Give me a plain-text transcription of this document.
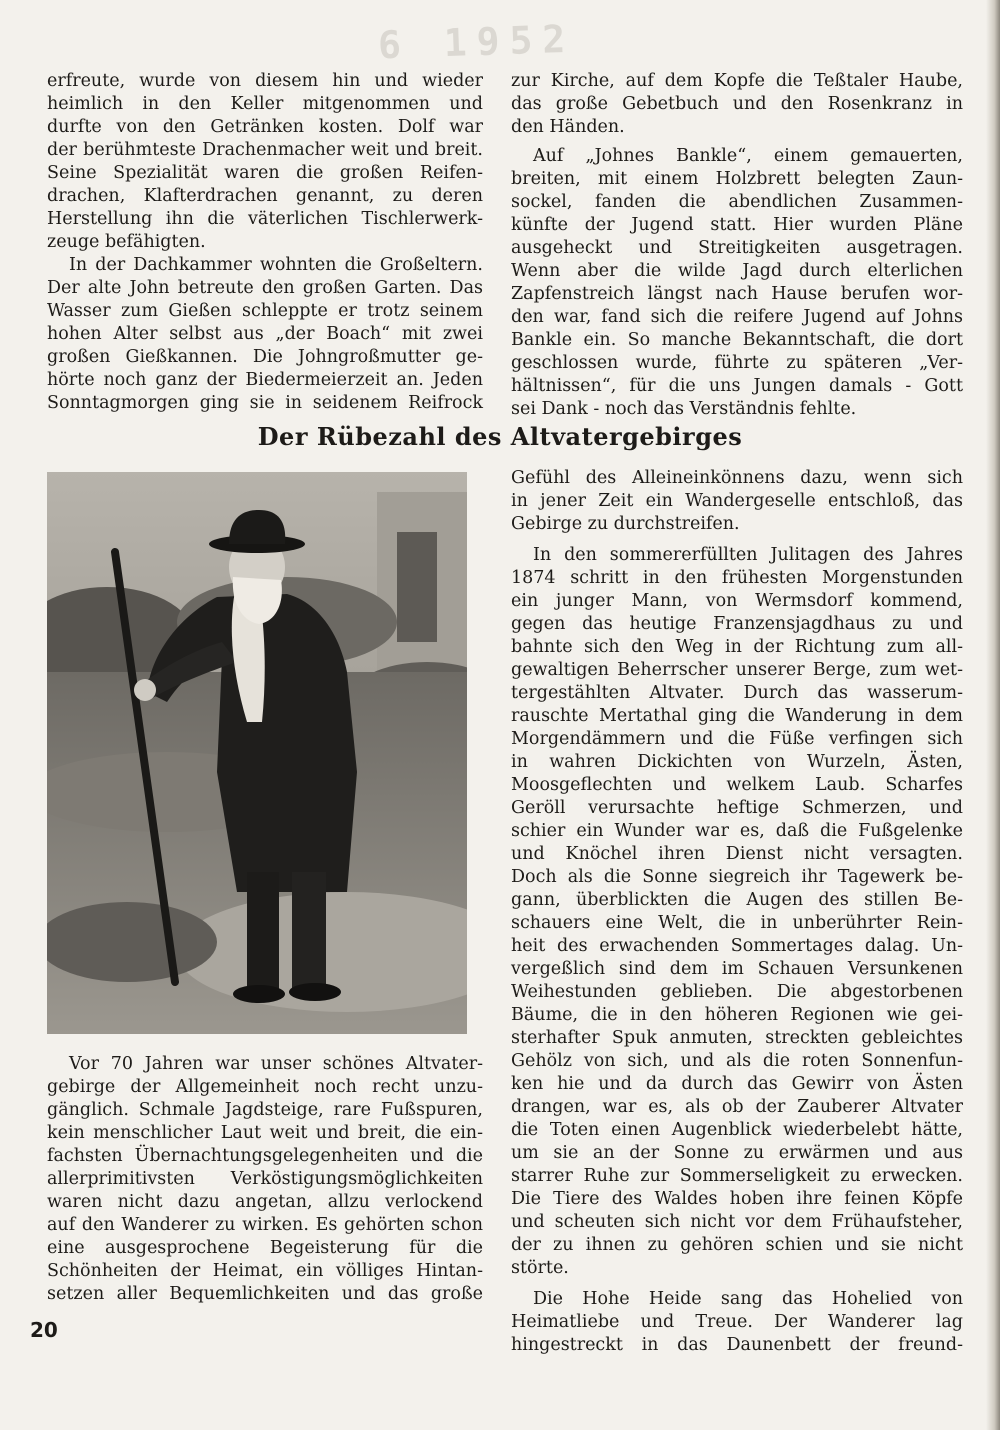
6 1952

erfreute, wurde von diesem hin und wieder
heimlich in den Keller mitgenommen und
durfte von den Getränken kosten. Dolf war
der berühmteste Drachenmacher weit und breit.
Seine Spezialität waren die großen Reifen-
drachen, Klafterdrachen genannt, zu deren
Herstellung ihn die väterlichen Tischlerwerk-
zeuge befähigten.

In der Dachkammer wohnten die Großeltern.
Der alte John betreute den großen Garten. Das
Wasser zum Gießen schleppte er trotz seinem
hohen Alter selbst aus „der Boach“ mit zwei
großen Gießkannen. Die Johngroßmutter ge-
hörte noch ganz der Biedermeierzeit an. Jeden
Sonntagmorgen ging sie in seidenem Reifrock

zur Kirche, auf dem Kopfe die Teßtaler Haube,
das große Gebetbuch und den Rosenkranz in
den Händen.

Auf „Johnes Bankle“, einem gemauerten,
breiten, mit einem Holzbrett belegten Zaun-
sockel, fanden die abendlichen Zusammen-
künfte der Jugend statt. Hier wurden Pläne
ausgeheckt und Streitigkeiten ausgetragen.
Wenn aber die wilde Jagd durch elterlichen
Zapfenstreich längst nach Hause berufen wor-
den war, fand sich die reifere Jugend auf Johns
Bankle ein. So manche Bekanntschaft, die dort
geschlossen wurde, führte zu späteren „Ver-
hältnissen“, für die uns Jungen damals - Gott
sei Dank - noch das Verständnis fehlte.

Der Rübezahl des Altvatergebirges

Vor 70 Jahren war unser schönes Altvater-
gebirge der Allgemeinheit noch recht unzu-
gänglich. Schmale Jagdsteige, rare Fußspuren,
kein menschlicher Laut weit und breit, die ein-
fachsten Übernachtungsgelegenheiten und die
allerprimitivsten Verköstigungsmöglichkeiten
waren nicht dazu angetan, allzu verlockend
auf den Wanderer zu wirken. Es gehörten schon
eine ausgesprochene Begeisterung für die
Schönheiten der Heimat, ein völliges Hintan-
setzen aller Bequemlichkeiten und das große

Gefühl des Alleineinkönnens dazu, wenn sich
in jener Zeit ein Wandergeselle entschloß, das
Gebirge zu durchstreifen.

In den sommererfüllten Julitagen des Jahres
1874 schritt in den frühesten Morgenstunden
ein junger Mann, von Wermsdorf kommend,
gegen das heutige Franzensjagdhaus zu und
bahnte sich den Weg in der Richtung zum all-
gewaltigen Beherrscher unserer Berge, zum wet-
tergestählten Altvater. Durch das wasserum-
rauschte Mertathal ging die Wanderung in dem
Morgendämmern und die Füße verfingen sich
in wahren Dickichten von Wurzeln, Ästen,
Moosgeflechten und welkem Laub. Scharfes
Geröll verursachte heftige Schmerzen, und
schier ein Wunder war es, daß die Fußgelenke
und Knöchel ihren Dienst nicht versagten.
Doch als die Sonne siegreich ihr Tagewerk be-
gann, überblickten die Augen des stillen Be-
schauers eine Welt, die in unberührter Rein-
heit des erwachenden Sommertages dalag. Un-
vergeßlich sind dem im Schauen Versunkenen
Weihestunden geblieben. Die abgestorbenen
Bäume, die in den höheren Regionen wie gei-
sterhafter Spuk anmuten, streckten gebleichtes
Gehölz von sich, und als die roten Sonnenfun-
ken hie und da durch das Gewirr von Ästen
drangen, war es, als ob der Zauberer Altvater
die Toten einen Augenblick wiederbelebt hätte,
um sie an der Sonne zu erwärmen und aus
starrer Ruhe zur Sommerseligkeit zu erwecken.
Die Tiere des Waldes hoben ihre feinen Köpfe
und scheuten sich nicht vor dem Frühaufsteher,
der zu ihnen zu gehören schien und sie nicht
störte.

Die Hohe Heide sang das Hohelied von
Heimatliebe und Treue. Der Wanderer lag
hingestreckt in das Daunenbett der freund-

20
